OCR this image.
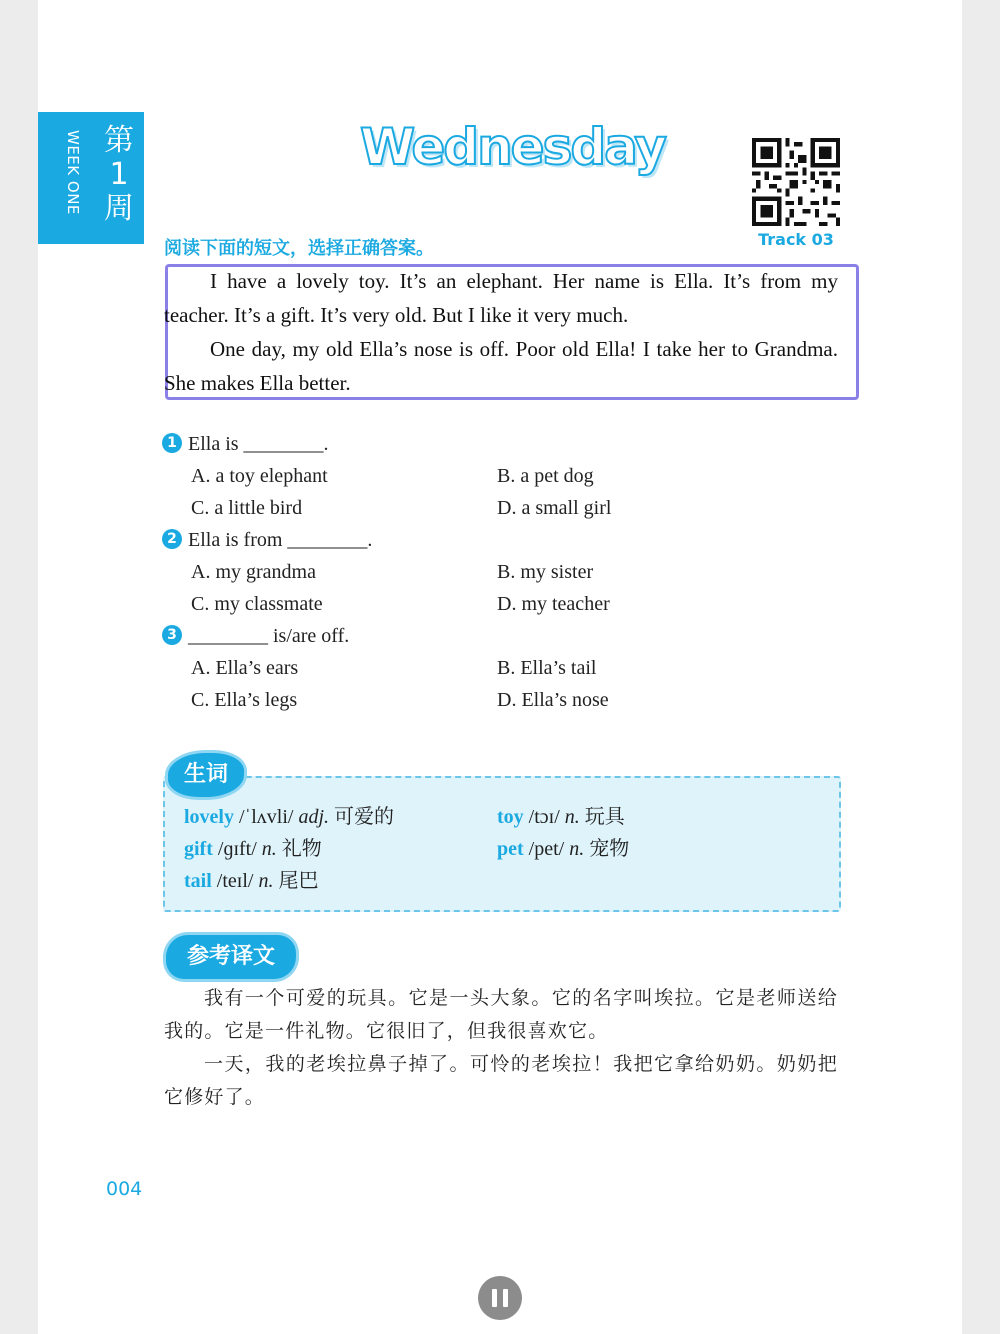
第
1
周
WEEK ONE	Wednesday
Track 03
阅读下面的短文，选择正确答案。

I have a lovely toy. It’s an elephant. Her name is Ella. It’s from my teacher. It’s a gift. It’s very old. But I like it very much.

One day, my old Ella’s nose is off. Poor old Ella! I take her to Grandma. She makes Ella better.

1 Ella is ________.
A. a toy elephant	B. a pet dog
C. a little bird	D. a small girl
2 Ella is from ________.
A. my grandma	B. my sister
C. my classmate	D. my teacher
3 ________ is/are off.
A. Ella’s ears	B. Ella’s tail
C. Ella’s legs	D. Ella’s nose
生词
lovely /ˈlʌvli/ adj. 可爱的	toy /tɔɪ/ n. 玩具
gift /ɡɪft/ n. 礼物	pet /pet/ n. 宠物
tail /teɪl/ n. 尾巴
参考译文

我有一个可爱的玩具。它是一头大象。它的名字叫埃拉。它是老师送给我的。它是一件礼物。它很旧了，但我很喜欢它。

一天，我的老埃拉鼻子掉了。可怜的老埃拉！我把它拿给奶奶。奶奶把它修好了。

004
